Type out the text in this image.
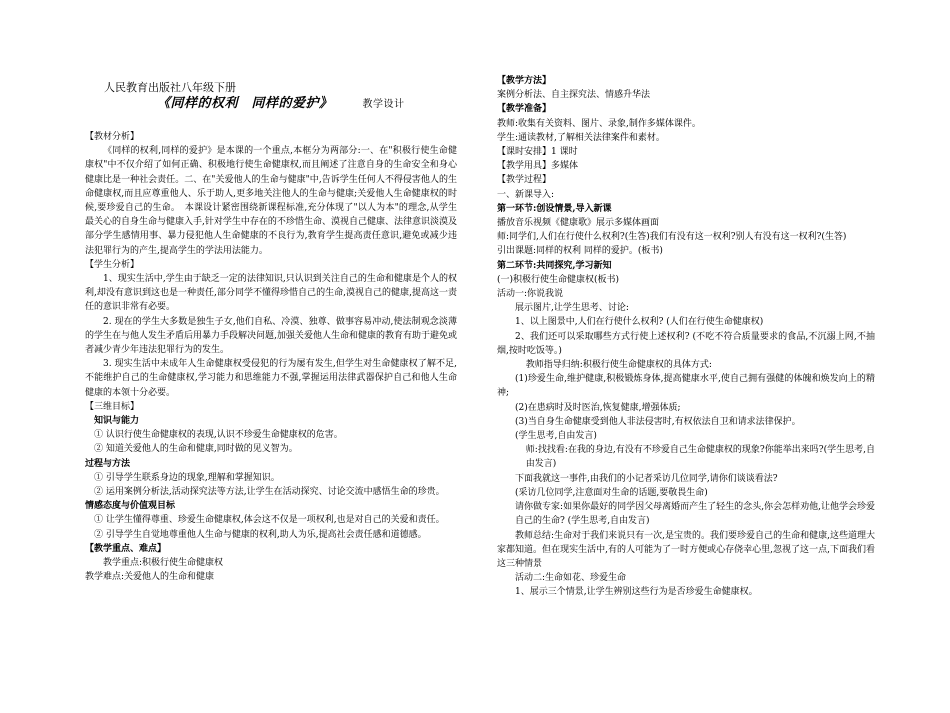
人民教育出版社八年级下册
《同样的权利　同样的爱护》	教学设计

【教材分析】

《同样的权利,同样的爱护》是本课的一个重点,本框分为两部分:一、在"积极行使生命健康权"中不仅介绍了如何正确、积极地行使生命健康权,而且阐述了注意自身的生命安全和身心健康比是一种社会责任。二、在"关爱他人的生命与健康"中,告诉学生任何人不得侵害他人的生命健康权,而且应尊重他人、乐于助人,更多地关注他人的生命与健康;关爱他人生命健康权的时候,要珍爱自己的生命。　本课设计紧密围绕新课程标准,充分体现了"以人为本"的理念,从学生最关心的自身生命与健康入手,针对学生中存在的不珍惜生命、漠视自己健康、法律意识淡漠及部分学生感情用事、暴力侵犯他人生命健康的不良行为,教育学生提高责任意识,避免或减少违法犯罪行为的产生,提高学生的学法用法能力。

【学生分析】

1、现实生活中,学生由于缺乏一定的法律知识,只认识到关注自己的生命和健康是个人的权利,却没有意识到这也是一种责任,部分同学不懂得珍惜自己的生命,漠视自己的健康,提高这一责任的意识非常有必要。

2. 现在的学生大多数是独生子女,他们自私、冷漠、独尊、做事容易冲动,使法制观念淡薄的学生在与他人发生矛盾后用暴力手段解决问题,加强关爱他人生命和健康的教育有助于避免或者减少青少年违法犯罪行为的发生。

3. 现实生活中未成年人生命健康权受侵犯的行为屡有发生,但学生对生命健康权了解不足,不能维护自己的生命健康权,学习能力和思维能力不强,掌握运用法律武器保护自己和他人生命健康的本领十分必要。

【三维目标】

知识与能力

① 认识行使生命健康权的表现,认识不珍爱生命健康权的危害。

② 知道关爱他人的生命和健康,同时做的见义智为。

过程与方法

① 引导学生联系身边的现象,理解和掌握知识。

② 运用案例分析法,活动探究法等方法,让学生在活动探究、讨论交流中感悟生命的珍贵。

情感态度与价值观目标

① 让学生懂得尊重、珍爱生命健康权,体会这不仅是一项权利,也是对自己的关爱和责任。

② 引导学生自觉地尊重他人生命与健康的权利,助人为乐,提高社会责任感和道德感。

【教学重点、难点】

教学重点:积极行使生命健康权

教学难点:关爱他人的生命和健康

【教学方法】

案例分析法、自主探究法、情感升华法

【教学准备】

教师:收集有关资料、图片、录象,制作多媒体课件。

学生:通读教材,了解相关法律案件和素材。

【课时安排】1 课时

【教学用具】多媒体

【教学过程】

一、新课导入:

第一环节:创设情景,导入新课

播放音乐视频《健康歌》展示多媒体画面

师:同学们,人们在行使什么权利?(生答)我们有没有这一权利?别人有没有这一权利?(生答)

引出课题:同样的权利 同样的爱护。(板书)

第二环节:共同探究,学习新知

(一)积极行使生命健康权(板书)

活动一:你说我说

展示图片,让学生思考、讨论:

1、以上图景中,人们在行使什么权利? (人们在行使生命健康权)

2、我们还可以采取哪些方式行使上述权利? (不吃不符合质量要求的食品,不沉溺上网,不抽烟,按时吃饭等。)

教师指导归纳:积极行使生命健康权的具体方式:

(1)珍爱生命,维护健康,积极锻炼身体,提高健康水平,使自己拥有强健的体魄和焕发向上的精神;

(2)在患病时及时医治,恢复健康,增强体质;

(3)当自身生命健康受到他人非法侵害时,有权依法自卫和请求法律保护。

(学生思考,自由发言)

师:找找看:在我的身边,有没有不珍爱自己生命健康权的现象?你能举出来吗?(学生思考,自由发言)

下面我就这一事件,由我们的小记者采访几位同学,请你们谈谈看法?

(采访几位同学,注意面对生命的话题,要敬畏生命)

请你做专家:如果你最好的同学因父母离婚而产生了轻生的念头,你会怎样劝他,让他学会珍爱自己的生命? (学生思考,自由发言)

教师总结:生命对于我们来说只有一次,是宝贵的。我们要珍爱自己的生命和健康,这些道理大家都知道。但在现实生活中,有的人可能为了一时方便或心存侥幸心里,忽视了这一点,下面我们看这三种情景

活动二:生命如花、珍爱生命

1、展示三个情景,让学生辨别这些行为是否珍爱生命健康权。
